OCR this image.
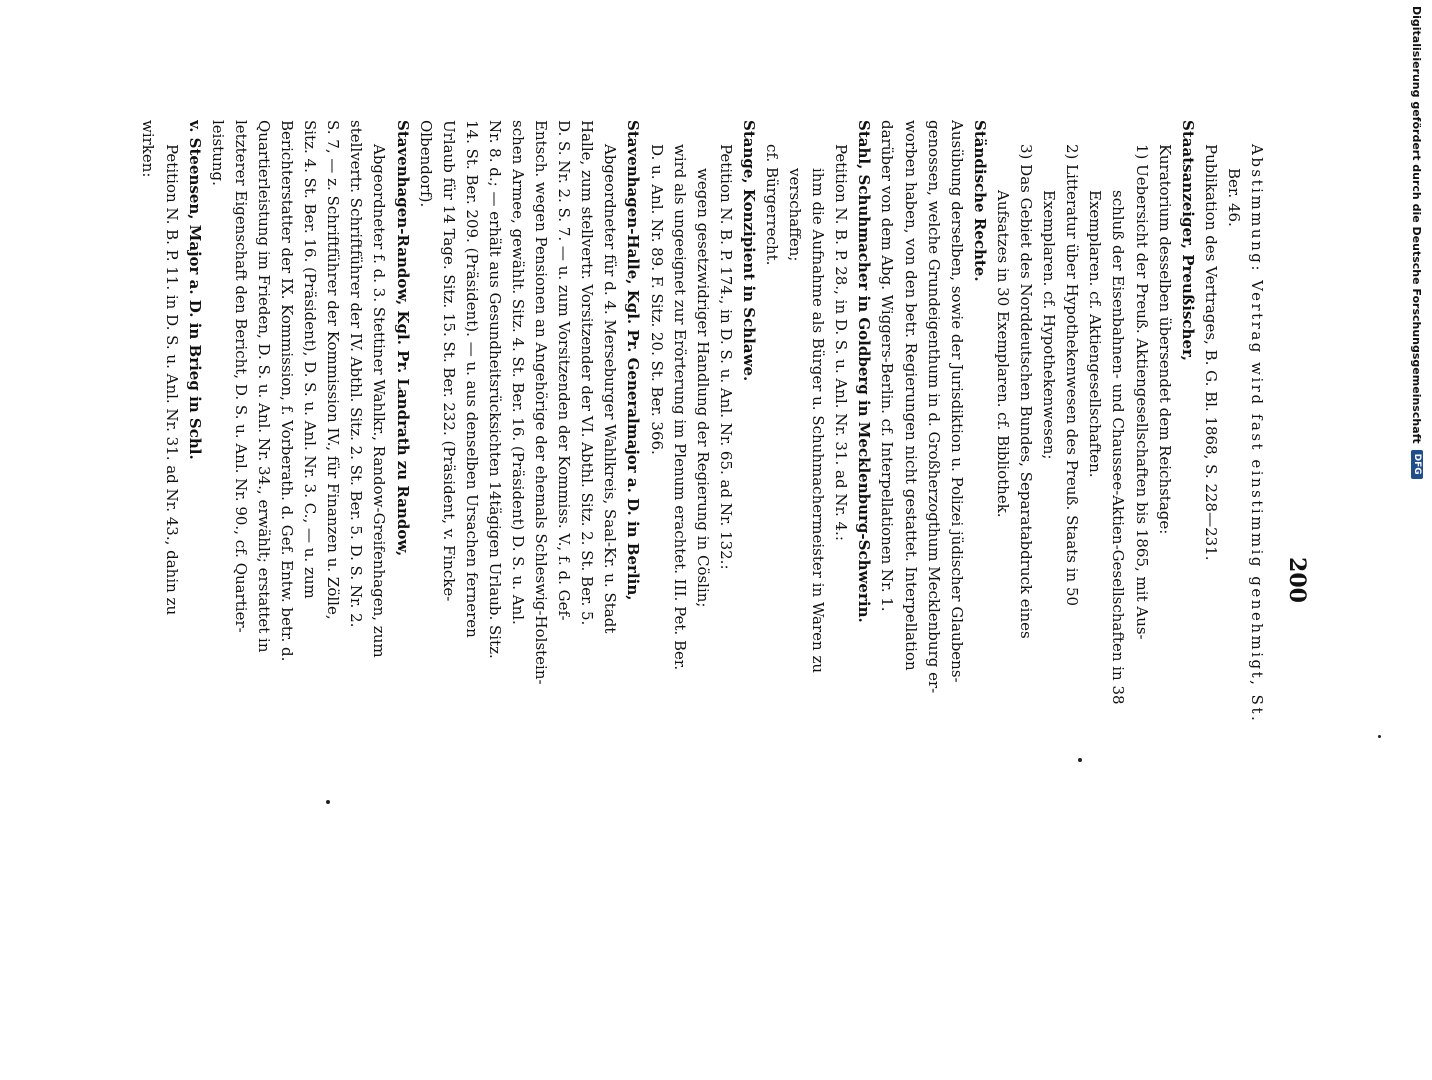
200
Abstimmung: Vertrag wird fast einstimmig genehmigt, St.
Ber. 46.
Publikation des Vertrages, B. G. Bl. 1868, S. 228—231.
Staatsanzeiger, Preußischer,
Kuratorium desselben übersendet dem Reichstage:
1) Uebersicht der Preuß. Aktiengesellschaften bis 1865, mit Aus-
schluß der Eisenbahnen- und Chaussee-Aktien-Gesellschaften in 38
Exemplaren. cf. Aktiengesellschaften.
2) Litteratur über Hypothekenwesen des Preuß. Staats in 50
Exemplaren. cf. Hypothekenwesen;
3) Das Gebiet des Norddeutschen Bundes, Separatabdruck eines
Aufsatzes in 30 Exemplaren. cf. Bibliothek.
Ständische Rechte.
Ausübung derselben, sowie der Jurisdiktion u. Polizei jüdischer Glaubens-
genossen, welche Grundeigenthum in d. Großherzogthum Mecklenburg er-
worben haben, von den betr. Regierungen nicht gestattet. Interpellation
darüber von dem Abg. Wiggers-Berlin. cf. Interpellationen Nr. 1.
Stahl, Schuhmacher in Goldberg in Mecklenburg-Schwerin.
Petition N. B. P. 28., in D. S. u. Anl. Nr. 31. ad Nr. 4.:
ihm die Aufnahme als Bürger u. Schuhmachermeister in Waren zu
verschaffen;
cf. Bürgerrecht.
Stange, Konzipient in Schlawe.
Petition N. B. P. 174., in D. S. u. Anl. Nr. 65. ad Nr. 132.:
wegen gesetzwidriger Handlung der Regierung in Cöslin;
wird als ungeeignet zur Erörterung im Plenum erachtet. III. Pet. Ber.
D. u. Anl. Nr. 89. F. Sitz. 20. St. Ber. 366.
Stavenhagen-Halle, Kgl. Pr. Generalmajor a. D. in Berlin,
Abgeordneter für d. 4. Merseburger Wahlkreis, Saal-Kr. u. Stadt
Halle, zum stellvertr. Vorsitzender der VI. Abthl. Sitz. 2. St. Ber. 5.
D. S. Nr. 2. S. 7. — u. zum Vorsitzenden der Kommiss. V., f. d. Gef-
Entsch. wegen Pensionen an Angehörige der ehemals Schleswig-Holstein-
schen Armee, gewählt. Sitz. 4. St. Ber. 16. (Präsident) D. S. u. Anl.
Nr. 8. d.; — erhält aus Gesundheitsrücksichten 14tägigen Urlaub. Sitz.
14. St. Ber. 209. (Präsident). — u. aus denselben Ursachen ferneren
Urlaub für 14 Tage. Sitz. 15. St. Ber. 232. (Präsident, v. Fincke-
Olbendorf).
Stavenhagen-Randow, Kgl. Pr. Landrath zu Randow,
Abgeordneter f. d. 3. Stettiner Wahlkr., Randow-Greifenhagen, zum
stellvertr. Schriftführer der IV. Abthl. Sitz. 2. St. Ber. 5. D. S. Nr. 2.
S. 7, — z. Schriftführer der Kommission IV., für Finanzen u. Zölle,
Sitz. 4. St. Ber. 16. (Präsident), D. S. u. Anl. Nr. 3. C., — u. zum
Berichterstatter der IX. Kommission, f. Vorberath. d. Gef. Entw. betr. d.
Quartierleistung im Frieden, D. S. u. Anl. Nr. 34., erwählt; erstattet in
letzterer Eigenschaft den Bericht, D. S. u. Anl. Nr. 90., cf. Quartier-
leistung.
v. Steensen, Major a. D. in Brieg in Schl.
Petition N. B. P. 11. in D. S. u. Anl. Nr. 31. ad Nr. 43., dahin zu
wirken:	Digitalisierung gefördert durch die Deutsche Forschungsgemeinschaft
DFG
